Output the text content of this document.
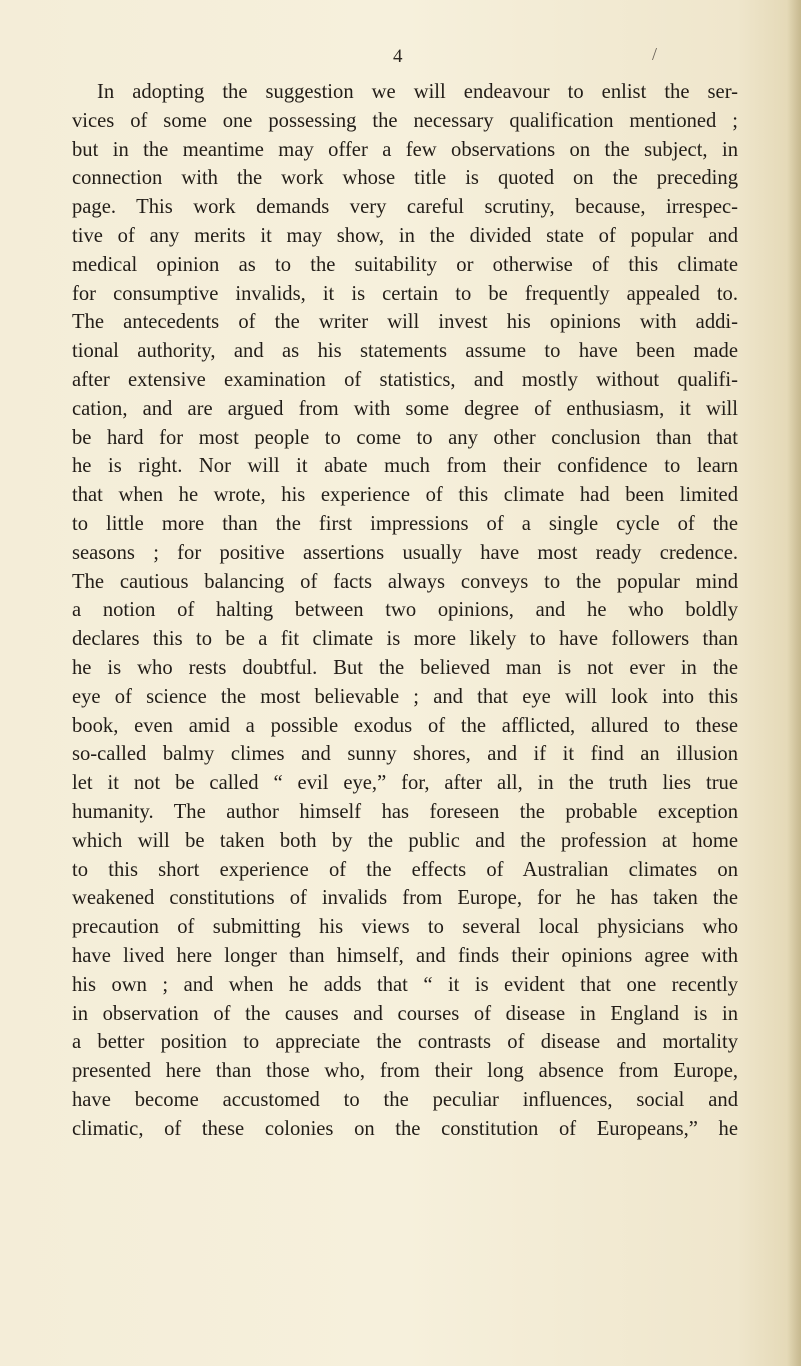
4	/
In adopting the suggestion we will endeavour to enlist the ser-
vices of some one possessing the necessary qualification mentioned ;
but in the meantime may offer a few observations on the subject, in
connection with the work whose title is quoted on the preceding
page. This work demands very careful scrutiny, because, irrespec-
tive of any merits it may show, in the divided state of popular and
medical opinion as to the suitability or otherwise of this climate
for consumptive invalids, it is certain to be frequently appealed to.
The antecedents of the writer will invest his opinions with addi-
tional authority, and as his statements assume to have been made
after extensive examination of statistics, and mostly without qualifi-
cation, and are argued from with some degree of enthusiasm, it will
be hard for most people to come to any other conclusion than that
he is right. Nor will it abate much from their confidence to learn
that when he wrote, his experience of this climate had been limited
to little more than the first impressions of a single cycle of the
seasons ; for positive assertions usually have most ready credence.
The cautious balancing of facts always conveys to the popular mind
a notion of halting between two opinions, and he who boldly
declares this to be a fit climate is more likely to have followers than
he is who rests doubtful. But the believed man is not ever in the
eye of science the most believable ; and that eye will look into this
book, even amid a possible exodus of the afflicted, allured to these
so-called balmy climes and sunny shores, and if it find an illusion
let it not be called “ evil eye,” for, after all, in the truth lies true
humanity. The author himself has foreseen the probable exception
which will be taken both by the public and the profession at home
to this short experience of the effects of Australian climates on
weakened constitutions of invalids from Europe, for he has taken the
precaution of submitting his views to several local physicians who
have lived here longer than himself, and finds their opinions agree with
his own ; and when he adds that “ it is evident that one recently
in observation of the causes and courses of disease in England is in
a better position to appreciate the contrasts of disease and mortality
presented here than those who, from their long absence from Europe,
have become accustomed to the peculiar influences, social and
climatic, of these colonies on the constitution of Europeans,” he
